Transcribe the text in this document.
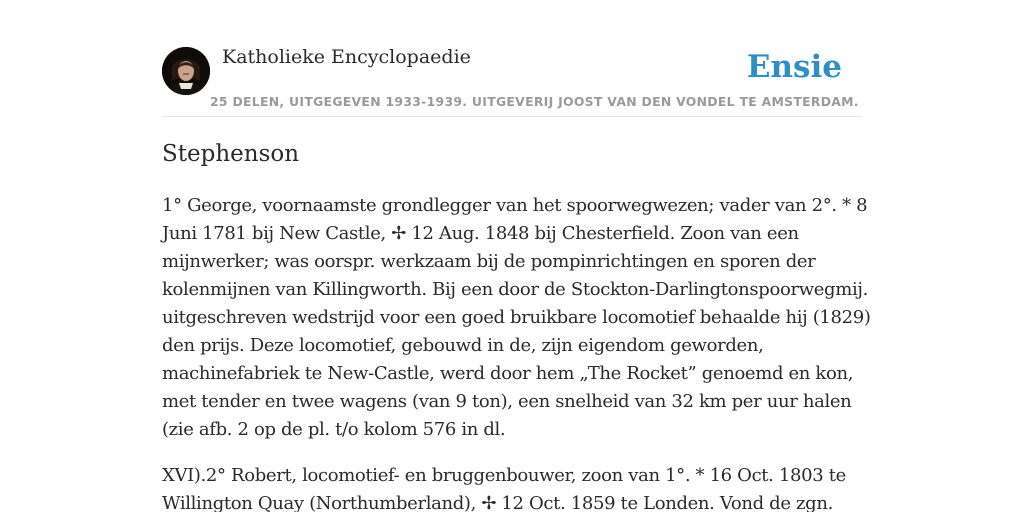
Katholieke Encyclopaedie	Ensie
25 DELEN, UITGEGEVEN 1933-1939. UITGEVERIJ JOOST VAN DEN VONDEL TE AMSTERDAM.
Stephenson

1° George, voornaamste grondlegger van het spoorwegwezen; vader van 2°. * 8
Juni 1781 bij New Castle, ✢ 12 Aug. 1848 bij Chesterfield. Zoon van een
mijnwerker; was oorspr. werkzaam bij de pompinrichtingen en sporen der
kolenmijnen van Killingworth. Bij een door de Stockton-Darlingtonspoorwegmij.
uitgeschreven wedstrijd voor een goed bruikbare locomotief behaalde hij (1829)
den prijs. Deze locomotief, gebouwd in de, zijn eigendom geworden,
machinefabriek te New-Castle, werd door hem „The Rocket” genoemd en kon,
met tender en twee wagens (van 9 ton), een snelheid van 32 km per uur halen
(zie afb. 2 op de pl. t/o kolom 576 in dl.

XVI).2° Robert, locomotief- en bruggenbouwer, zoon van 1°. * 16 Oct. 1803 te
Willington Quay (Northumberland), ✢ 12 Oct. 1859 te Londen. Vond de zgn.
